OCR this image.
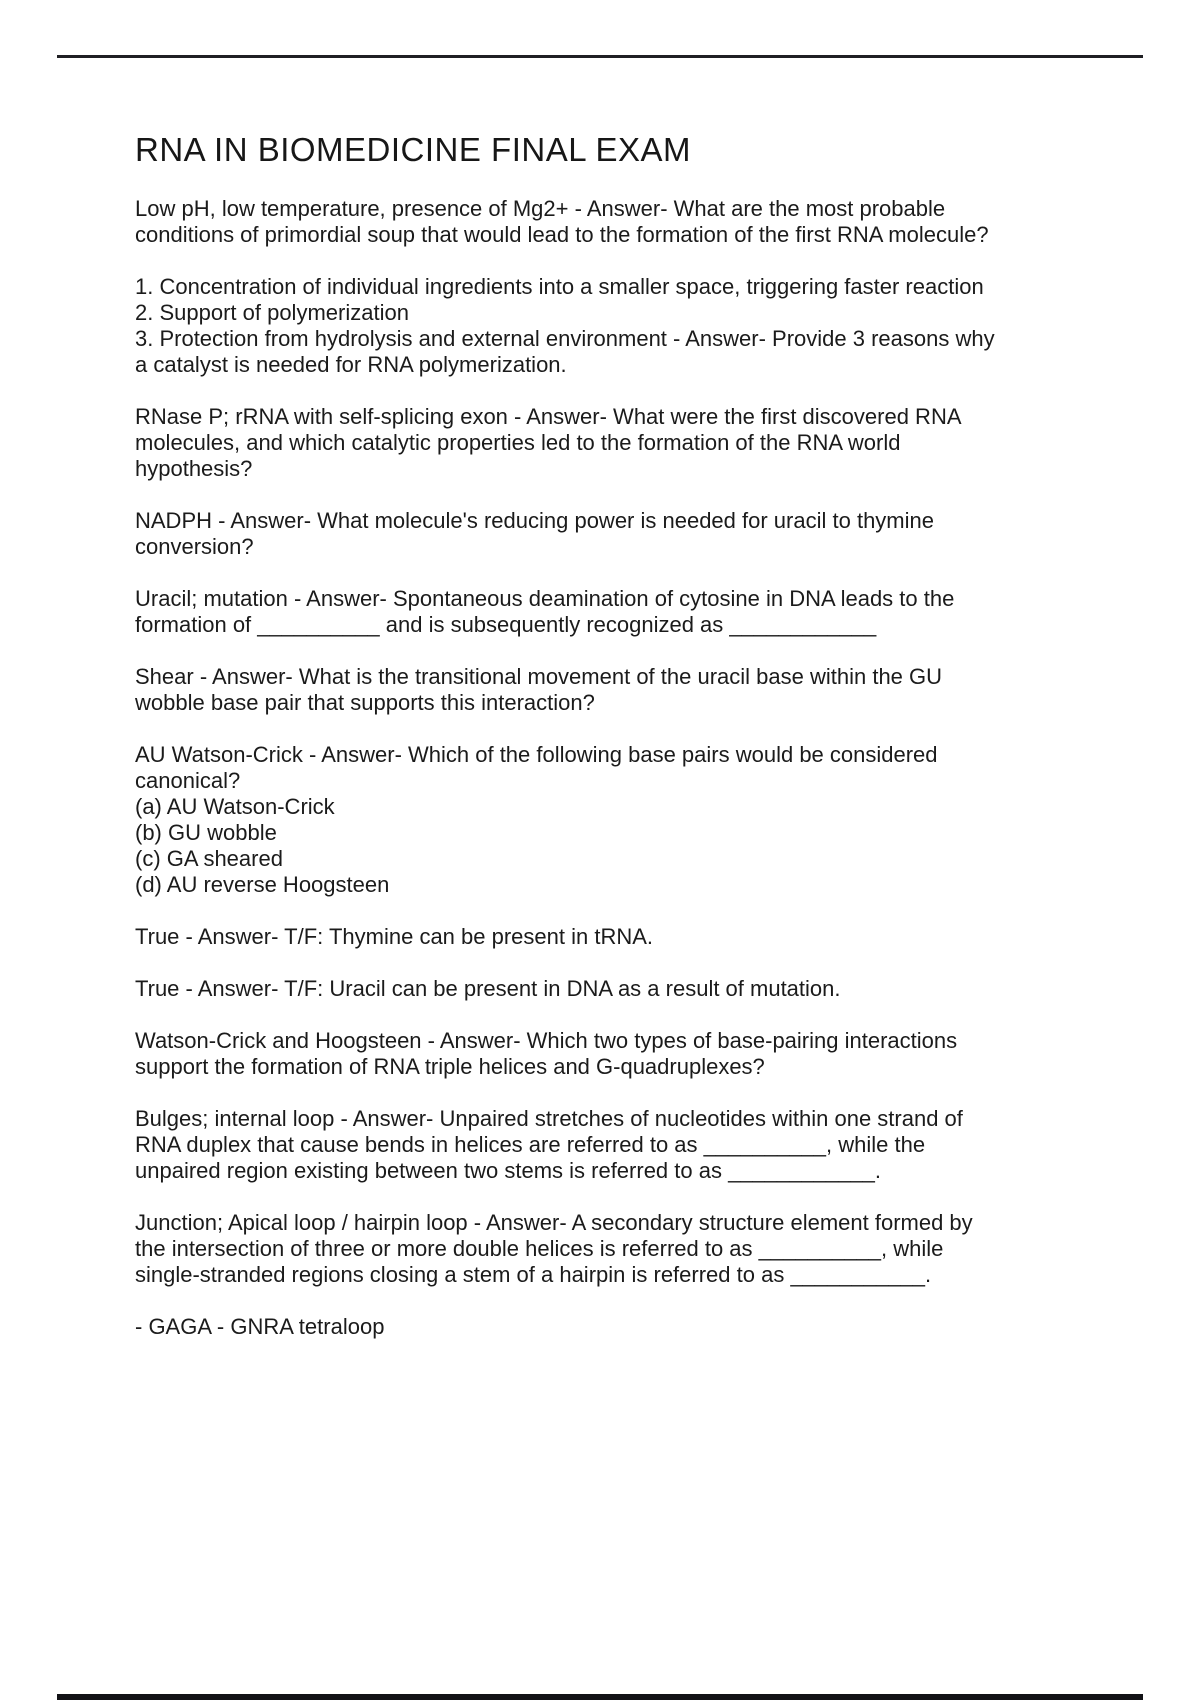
RNA IN BIOMEDICINE FINAL EXAM

Low pH, low temperature, presence of Mg2+ - Answer- What are the most probable conditions of primordial soup that would lead to the formation of the first RNA molecule?

1. Concentration of individual ingredients into a smaller space, triggering faster reaction
2. Support of polymerization
3. Protection from hydrolysis and external environment - Answer- Provide 3 reasons why a catalyst is needed for RNA polymerization.

RNase P; rRNA with self-splicing exon - Answer- What were the first discovered RNA molecules, and which catalytic properties led to the formation of the RNA world hypothesis?

NADPH - Answer- What molecule's reducing power is needed for uracil to thymine conversion?

Uracil; mutation - Answer- Spontaneous deamination of cytosine in DNA leads to the formation of __________ and is subsequently recognized as ____________

Shear - Answer- What is the transitional movement of the uracil base within the GU wobble base pair that supports this interaction?

AU Watson-Crick - Answer- Which of the following base pairs would be considered canonical?
(a) AU Watson-Crick
(b) GU wobble
(c) GA sheared
(d) AU reverse Hoogsteen

True - Answer- T/F: Thymine can be present in tRNA.

True - Answer- T/F: Uracil can be present in DNA as a result of mutation.

Watson-Crick and Hoogsteen - Answer- Which two types of base-pairing interactions support the formation of RNA triple helices and G-quadruplexes?

Bulges; internal loop - Answer- Unpaired stretches of nucleotides within one strand of RNA duplex that cause bends in helices are referred to as __________, while the unpaired region existing between two stems is referred to as ____________.

Junction; Apical loop / hairpin loop - Answer- A secondary structure element formed by the intersection of three or more double helices is referred to as __________, while single-stranded regions closing a stem of a hairpin is referred to as ___________.

- GAGA - GNRA tetraloop
